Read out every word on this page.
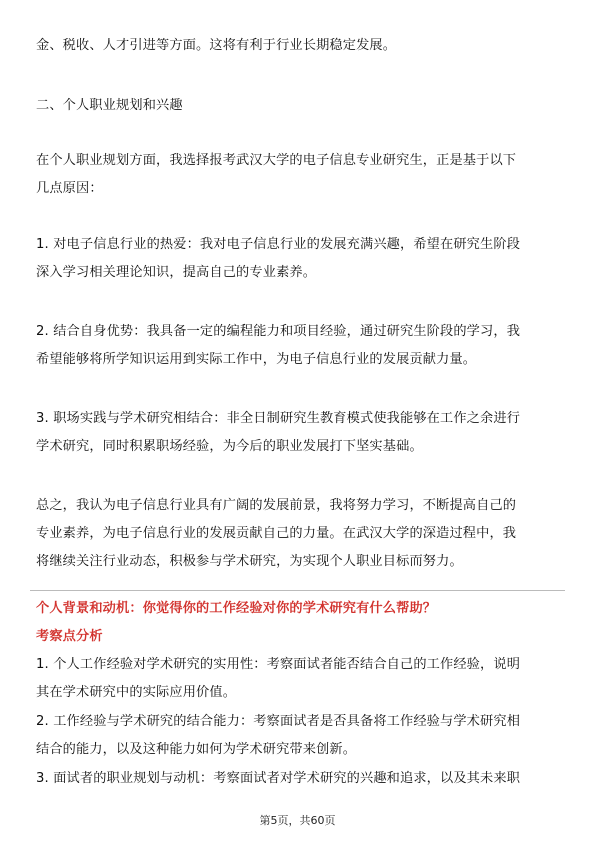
金、税收、人才引进等方面。这将有利于行业长期稳定发展。
二、个人职业规划和兴趣
在个人职业规划方面，我选择报考武汉大学的电子信息专业研究生，正是基于以下
几点原因：
1. 对电子信息行业的热爱：我对电子信息行业的发展充满兴趣，希望在研究生阶段
深入学习相关理论知识，提高自己的专业素养。
2. 结合自身优势：我具备一定的编程能力和项目经验，通过研究生阶段的学习，我
希望能够将所学知识运用到实际工作中，为电子信息行业的发展贡献力量。
3. 职场实践与学术研究相结合：非全日制研究生教育模式使我能够在工作之余进行
学术研究，同时积累职场经验，为今后的职业发展打下坚实基础。
总之，我认为电子信息行业具有广阔的发展前景，我将努力学习，不断提高自己的
专业素养，为电子信息行业的发展贡献自己的力量。在武汉大学的深造过程中，我
将继续关注行业动态，积极参与学术研究，为实现个人职业目标而努力。
个人背景和动机：你觉得你的工作经验对你的学术研究有什么帮助？
考察点分析
1. 个人工作经验对学术研究的实用性：考察面试者能否结合自己的工作经验，说明
其在学术研究中的实际应用价值。
2. 工作经验与学术研究的结合能力：考察面试者是否具备将工作经验与学术研究相
结合的能力，以及这种能力如何为学术研究带来创新。
3. 面试者的职业规划与动机：考察面试者对学术研究的兴趣和追求，以及其未来职
第5页，共60页
